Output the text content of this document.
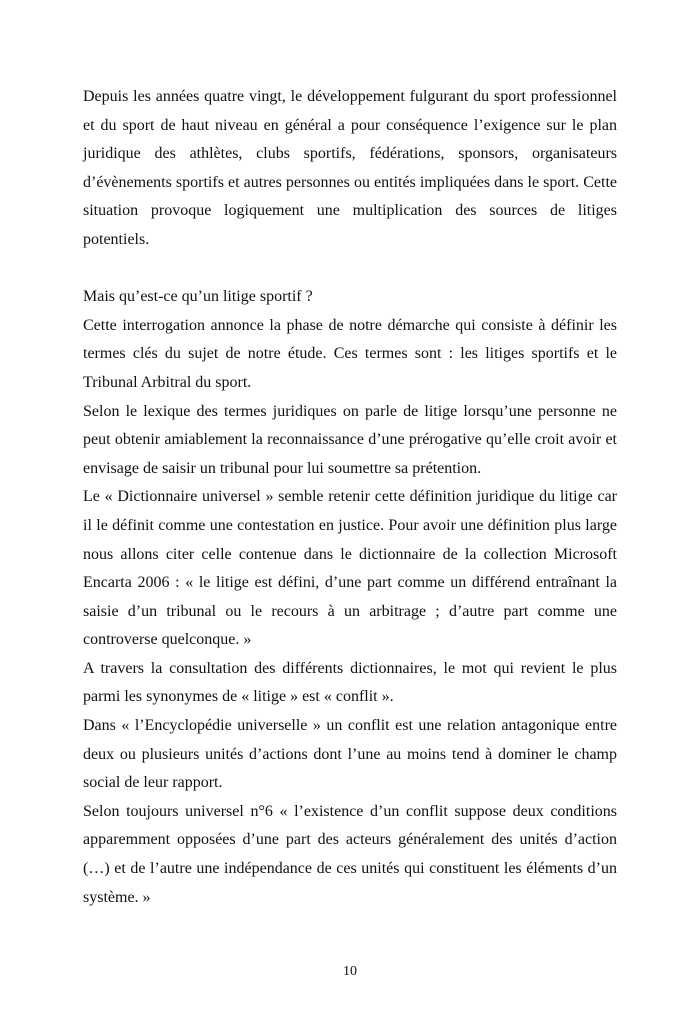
Depuis les années quatre vingt, le développement fulgurant du sport professionnel et du sport de haut niveau en général a pour conséquence l’exigence sur le plan juridique des athlètes, clubs sportifs, fédérations, sponsors, organisateurs d’évènements sportifs et autres personnes ou entités impliquées dans le sport. Cette situation provoque logiquement une multiplication des sources de litiges potentiels.

Mais qu’est-ce qu’un litige sportif ?

Cette interrogation annonce la phase de notre démarche qui consiste à définir les termes clés du sujet de notre étude. Ces termes sont : les litiges sportifs et le Tribunal Arbitral du sport.

Selon le lexique des termes juridiques on parle de litige lorsqu’une personne ne peut obtenir amiablement la reconnaissance d’une prérogative qu’elle croit avoir et envisage de saisir un tribunal pour lui soumettre sa prétention.

Le « Dictionnaire universel » semble retenir cette définition juridique du litige car il le définit comme une contestation en justice. Pour avoir une définition plus large nous allons citer celle contenue dans le dictionnaire de la collection Microsoft Encarta 2006 : « le litige est défini, d’une part comme un différend entraînant la saisie d’un tribunal ou le recours à un arbitrage ; d’autre part comme une controverse quelconque. »

A travers la consultation des différents dictionnaires, le mot qui revient le plus parmi les synonymes de « litige » est « conflit ».

Dans « l’Encyclopédie universelle » un conflit est une relation antagonique entre deux ou plusieurs unités d’actions dont l’une au moins tend à dominer le champ social de leur rapport.

Selon toujours universel n°6 « l’existence d’un conflit suppose deux conditions apparemment opposées d’une part des acteurs généralement des unités d’action (…) et de l’autre une indépendance de ces unités qui constituent les éléments d’un système. »

10
